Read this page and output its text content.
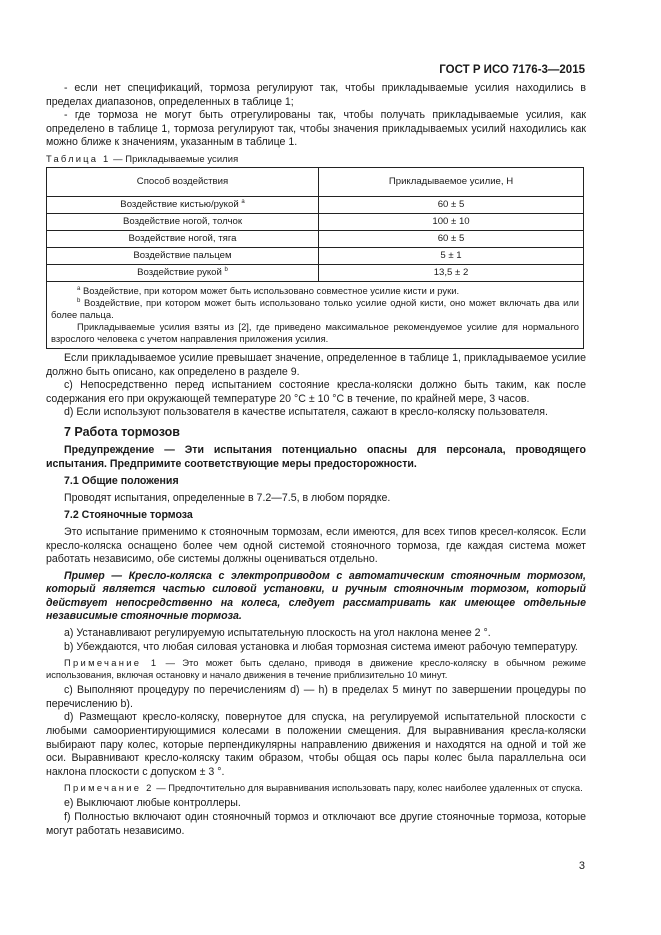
ГОСТ Р ИСО 7176-3—2015

- если нет спецификаций, тормоза регулируют так, чтобы прикладываемые усилия находились в пределах диапазонов, определенных в таблице 1;

- где тормоза не могут быть отрегулированы так, чтобы получать прикладываемые усилия, как определено в таблице 1, тормоза регулируют так, чтобы значения прикладываемых усилий находились как можно ближе к значениям, указанным в таблице 1.

Таблица 1 — Прикладываемые усилия
Способ воздействия	Прикладываемое усилие, Н
Воздействие кистью/рукой $^a$	60 ± 5
Воздействие ногой, толчок	100 ± 10
Воздействие ногой, тяга	60 ± 5
Воздействие пальцем	5 ± 1
Воздействие рукой $^b$	13,5 ± 2

$^a$ Воздействие, при котором может быть использовано совместное усилие кисти и руки.
$^b$ Воздействие, при котором может быть использовано только усилие одной кисти, оно может включать два или более пальца.
Прикладываемые усилия взяты из [2], где приведено максимальное рекомендуемое усилие для нормального взрослого человека с учетом направления приложения усилия.	

Если прикладываемое усилие превышает значение, определенное в таблице 1, прикладываемое усилие должно быть описано, как определено в разделе 9.

c) Непосредственно перед испытанием состояние кресла-коляски должно быть таким, как после содержания его при окружающей температуре 20 °C ± 10 °C в течение, по крайней мере, 3 часов.

d) Если используют пользователя в качестве испытателя, сажают в кресло-коляску пользователя.

7 Работа тормозов

Предупреждение — Эти испытания потенциально опасны для персонала, проводящего испытания. Предпримите соответствующие меры предосторожности.

7.1 Общие положения

Проводят испытания, определенные в 7.2—7.5, в любом порядке.

7.2 Стояночные тормоза

Это испытание применимо к стояночным тормозам, если имеются, для всех типов кресел-колясок. Если кресло-коляска оснащено более чем одной системой стояночного тормоза, где каждая система может работать независимо, обе системы должны оцениваться отдельно.

Пример — Кресло-коляска с электроприводом с автоматическим стояночным тормозом, который является частью силовой установки, и ручным стояночным тормозом, который действует непосредственно на колеса, следует рассматривать как имеющее отдельные независимые стояночные тормоза.

a) Устанавливают регулируемую испытательную плоскость на угол наклона менее 2 °.

b) Убеждаются, что любая силовая установка и любая тормозная система имеют рабочую температуру.

Примечание 1 — Это может быть сделано, приводя в движение кресло-коляску в обычном режиме использования, включая остановку и начало движения в течение приблизительно 10 минут.

c) Выполняют процедуру по перечислениям d) — h) в пределах 5 минут по завершении процедуры по перечислению b).

d) Размещают кресло-коляску, повернутое для спуска, на регулируемой испытательной плоскости с любыми самоориентирующимися колесами в положении смещения. Для выравнивания кресла-коляски выбирают пару колес, которые перпендикулярны направлению движения и находятся на одной и той же оси. Выравнивают кресло-коляску таким образом, чтобы общая ось пары колес была параллельна оси наклона плоскости с допуском ± 3 °.

Примечание 2 — Предпочтительно для выравнивания использовать пару, колес наиболее удаленных от спуска.

e) Выключают любые контроллеры.

f) Полностью включают один стояночный тормоз и отключают все другие стояночные тормоза, которые могут работать независимо.

3
